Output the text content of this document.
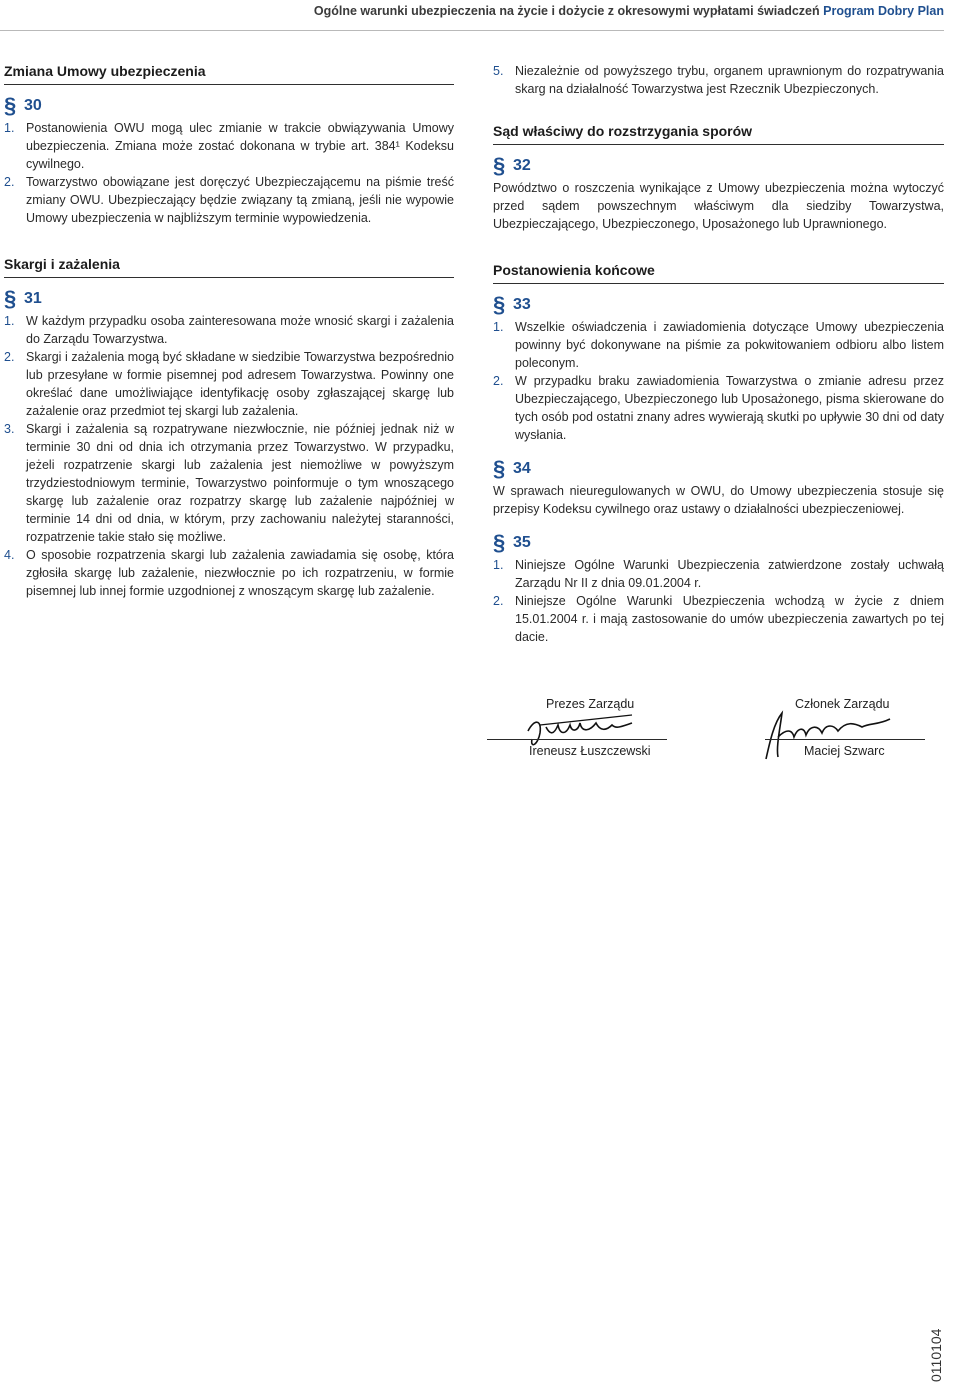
Ogólne warunki ubezpieczenia na życie i dożycie z okresowymi wypłatami świadczeń Program Dobry Plan
Zmiana Umowy ubezpieczenia
§ 30
1. Postanowienia OWU mogą ulec zmianie w trakcie obwiązywania Umowy ubezpieczenia. Zmiana może zostać dokonana w trybie art. 384¹ Kodeksu cywilnego.
2. Towarzystwo obowiązane jest doręczyć Ubezpieczającemu na piśmie treść zmiany OWU. Ubezpieczający będzie związany tą zmianą, jeśli nie wypowie Umowy ubezpieczenia w najbliższym terminie wypowiedzenia.
Skargi i zażalenia
§ 31
1. W każdym przypadku osoba zainteresowana może wnosić skargi i zażalenia do Zarządu Towarzystwa.
2. Skargi i zażalenia mogą być składane w siedzibie Towarzystwa bezpośrednio lub przesyłane w formie pisemnej pod adresem Towarzystwa. Powinny one określać dane umożliwiające identyfikację osoby zgłaszającej skargę lub zażalenie oraz przedmiot tej skargi lub zażalenia.
3. Skargi i zażalenia są rozpatrywane niezwłocznie, nie później jednak niż w terminie 30 dni od dnia ich otrzymania przez Towarzystwo. W przypadku, jeżeli rozpatrzenie skargi lub zażalenia jest niemożliwe w powyższym trzydziestodniowym terminie, Towarzystwo poinformuje o tym wnoszącego skargę lub zażalenie oraz rozpatrzy skargę lub zażalenie najpóźniej w terminie 14 dni od dnia, w którym, przy zachowaniu należytej staranności, rozpatrzenie takie stało się możliwe.
4. O sposobie rozpatrzenia skargi lub zażalenia zawiadamia się osobę, która zgłosiła skargę lub zażalenie, niezwłocznie po ich rozpatrzeniu, w formie pisemnej lub innej formie uzgodnionej z wnoszącym skargę lub zażalenie.
5. Niezależnie od powyższego trybu, organem uprawnionym do rozpatrywania skarg na działalność Towarzystwa jest Rzecznik Ubezpieczonych.
Sąd właściwy do rozstrzygania sporów
§ 32

Powództwo o roszczenia wynikające z Umowy ubezpieczenia można wytoczyć przed sądem powszechnym właściwym dla siedziby Towarzystwa, Ubezpieczającego, Ubezpieczonego, Uposażonego lub Uprawnionego.

Postanowienia końcowe
§ 33
1. Wszelkie oświadczenia i zawiadomienia dotyczące Umowy ubezpieczenia powinny być dokonywane na piśmie za pokwitowaniem odbioru albo listem poleconym.
2. W przypadku braku zawiadomienia Towarzystwa o zmianie adresu przez Ubezpieczającego, Ubezpieczonego lub Uposażonego, pisma skierowane do tych osób pod ostatni znany adres wywierają skutki po upływie 30 dni od daty wysłania.
§ 34

W sprawach nieuregulowanych w OWU, do Umowy ubezpieczenia stosuje się przepisy Kodeksu cywilnego oraz ustawy o działalności ubezpieczeniowej.

§ 35
1. Niniejsze Ogólne Warunki Ubezpieczenia zatwierdzone zostały uchwałą Zarządu Nr II z dnia 09.01.2004 r.
2. Niniejsze Ogólne Warunki Ubezpieczenia wchodzą w życie z dniem 15.01.2004 r. i mają zastosowanie do umów ubezpieczenia zawartych po tej dacie.
Prezes Zarządu	Członek Zarządu
Ireneusz Łuszczewski	Maciej Szwarc
0110104
